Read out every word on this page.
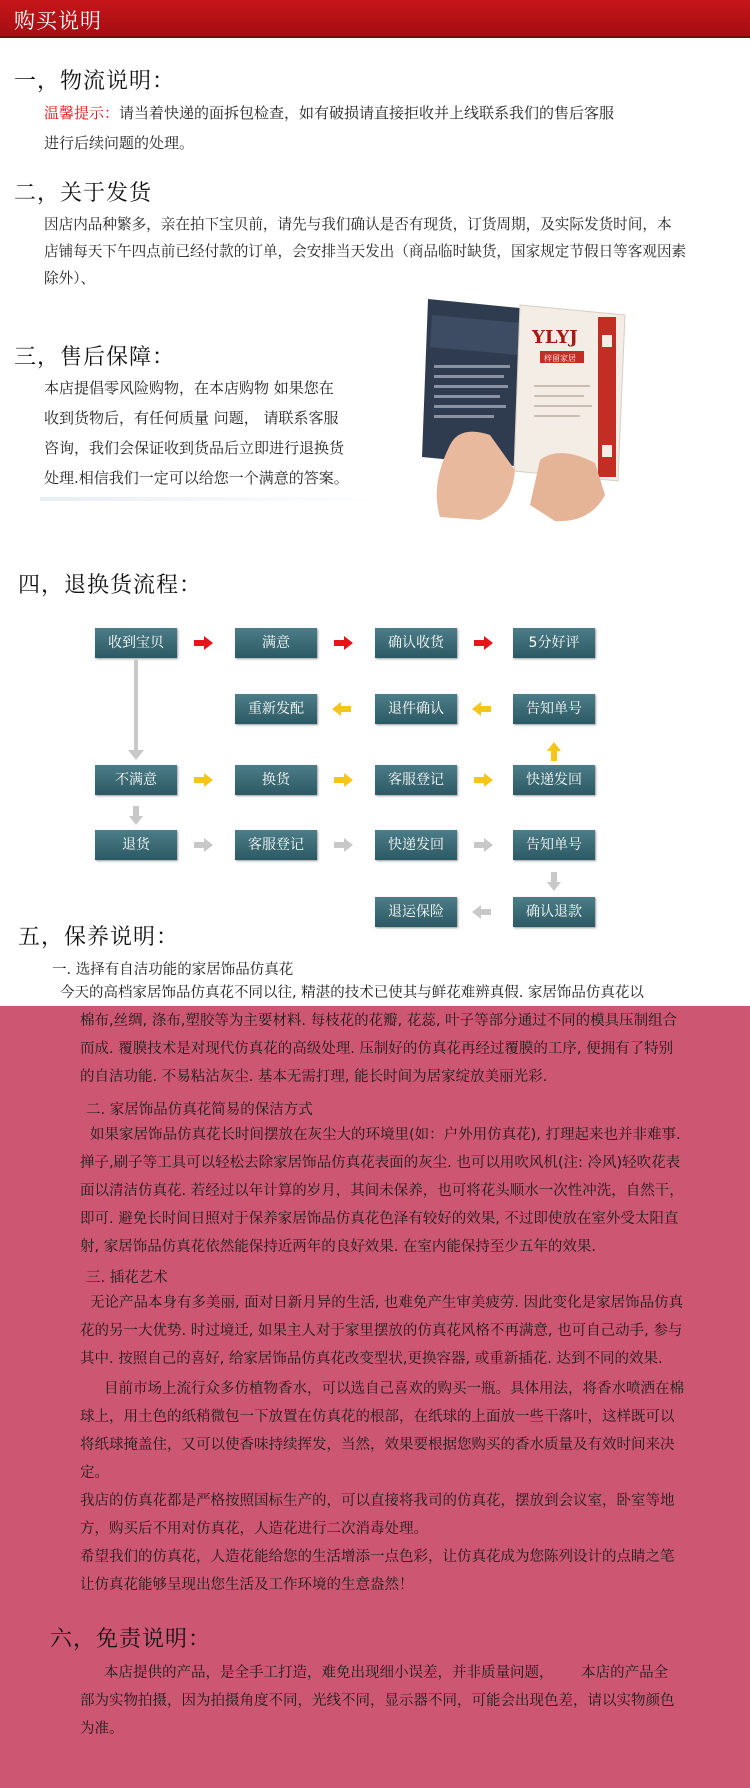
购买说明
一，物流说明：
温馨提示：请当着快递的面拆包检查，如有破损请直接拒收并上线联系我们的售后客服
进行后续问题的处理。
二，关于发货
因店内品种繁多，亲在拍下宝贝前，请先与我们确认是否有现货，订货周期，及实际发货时间，本
店铺每天下午四点前已经付款的订单，会安排当天发出（商品临时缺货，国家规定节假日等客观因素
除外）、
三，售后保障：
本店提倡零风险购物，在本店购物 如果您在
收到货物后，有任何质量 问题， 请联系客服
咨询，我们会保证收到货品后立即进行退换货
处理.相信我们一定可以给您一个满意的答案。
YLYJ
梓留家居
四，退换货流程：
收到宝贝	满意	确认收货	5分好评
重新发配	退件确认	告知单号
不满意	换货	客服登记	快递发回
退货	客服登记	快递发回	告知单号
退运保险	确认退款
五，保养说明：
一. 选择有自洁功能的家居饰品仿真花
今天的高档家居饰品仿真花不同以往, 精湛的技术已使其与鲜花难辨真假. 家居饰品仿真花以
棉布,丝绸, 涤布,塑胶等为主要材料. 每枝花的花瓣, 花蕊, 叶子等部分通过不同的模具压制组合
而成. 覆膜技术是对现代仿真花的高级处理. 压制好的仿真花再经过覆膜的工序, 便拥有了特别
的自洁功能. 不易粘沾灰尘. 基本无需打理, 能长时间为居家绽放美丽光彩.
二. 家居饰品仿真花简易的保洁方式
如果家居饰品仿真花长时间摆放在灰尘大的环境里(如：户外用仿真花), 打理起来也并非难事.
掸子,刷子等工具可以轻松去除家居饰品仿真花表面的灰尘. 也可以用吹风机(注: 冷风)轻吹花表
面以清洁仿真花. 若经过以年计算的岁月，其间未保养，也可将花头顺水一次性冲洗，自然干，
即可. 避免长时间日照对于保养家居饰品仿真花色泽有较好的效果, 不过即使放在室外受太阳直
射, 家居饰品仿真花依然能保持近两年的良好效果. 在室内能保持至少五年的效果.
三. 插花艺术
无论产品本身有多美丽, 面对日新月异的生活, 也难免产生审美疲劳. 因此变化是家居饰品仿真
花的另一大优势. 时过境迁, 如果主人对于家里摆放的仿真花风格不再满意, 也可自己动手, 参与
其中. 按照自己的喜好, 给家居饰品仿真花改变型状,更换容器, 或重新插花. 达到不同的效果.
目前市场上流行众多仿植物香水，可以选自己喜欢的购买一瓶。具体用法，将香水喷洒在棉
球上，用土色的纸稍微包一下放置在仿真花的根部，在纸球的上面放一些干落叶，这样既可以
将纸球掩盖住，又可以使香味持续挥发，当然，效果要根据您购买的香水质量及有效时间来决
定。
我店的仿真花都是严格按照国标生产的，可以直接将我司的仿真花，摆放到会议室，卧室等地
方，购买后不用对仿真花，人造花进行二次消毒处理。
希望我们的仿真花，人造花能给您的生活增添一点色彩，让仿真花成为您陈列设计的点睛之笔
让仿真花能够呈现出您生活及工作环境的生意盎然！
六，免责说明：
本店提供的产品，是全手工打造，难免出现细小误差，并非质量问题，      本店的产品全
部为实物拍摄，因为拍摄角度不同，光线不同，显示器不同，可能会出现色差，请以实物颜色
为准。
